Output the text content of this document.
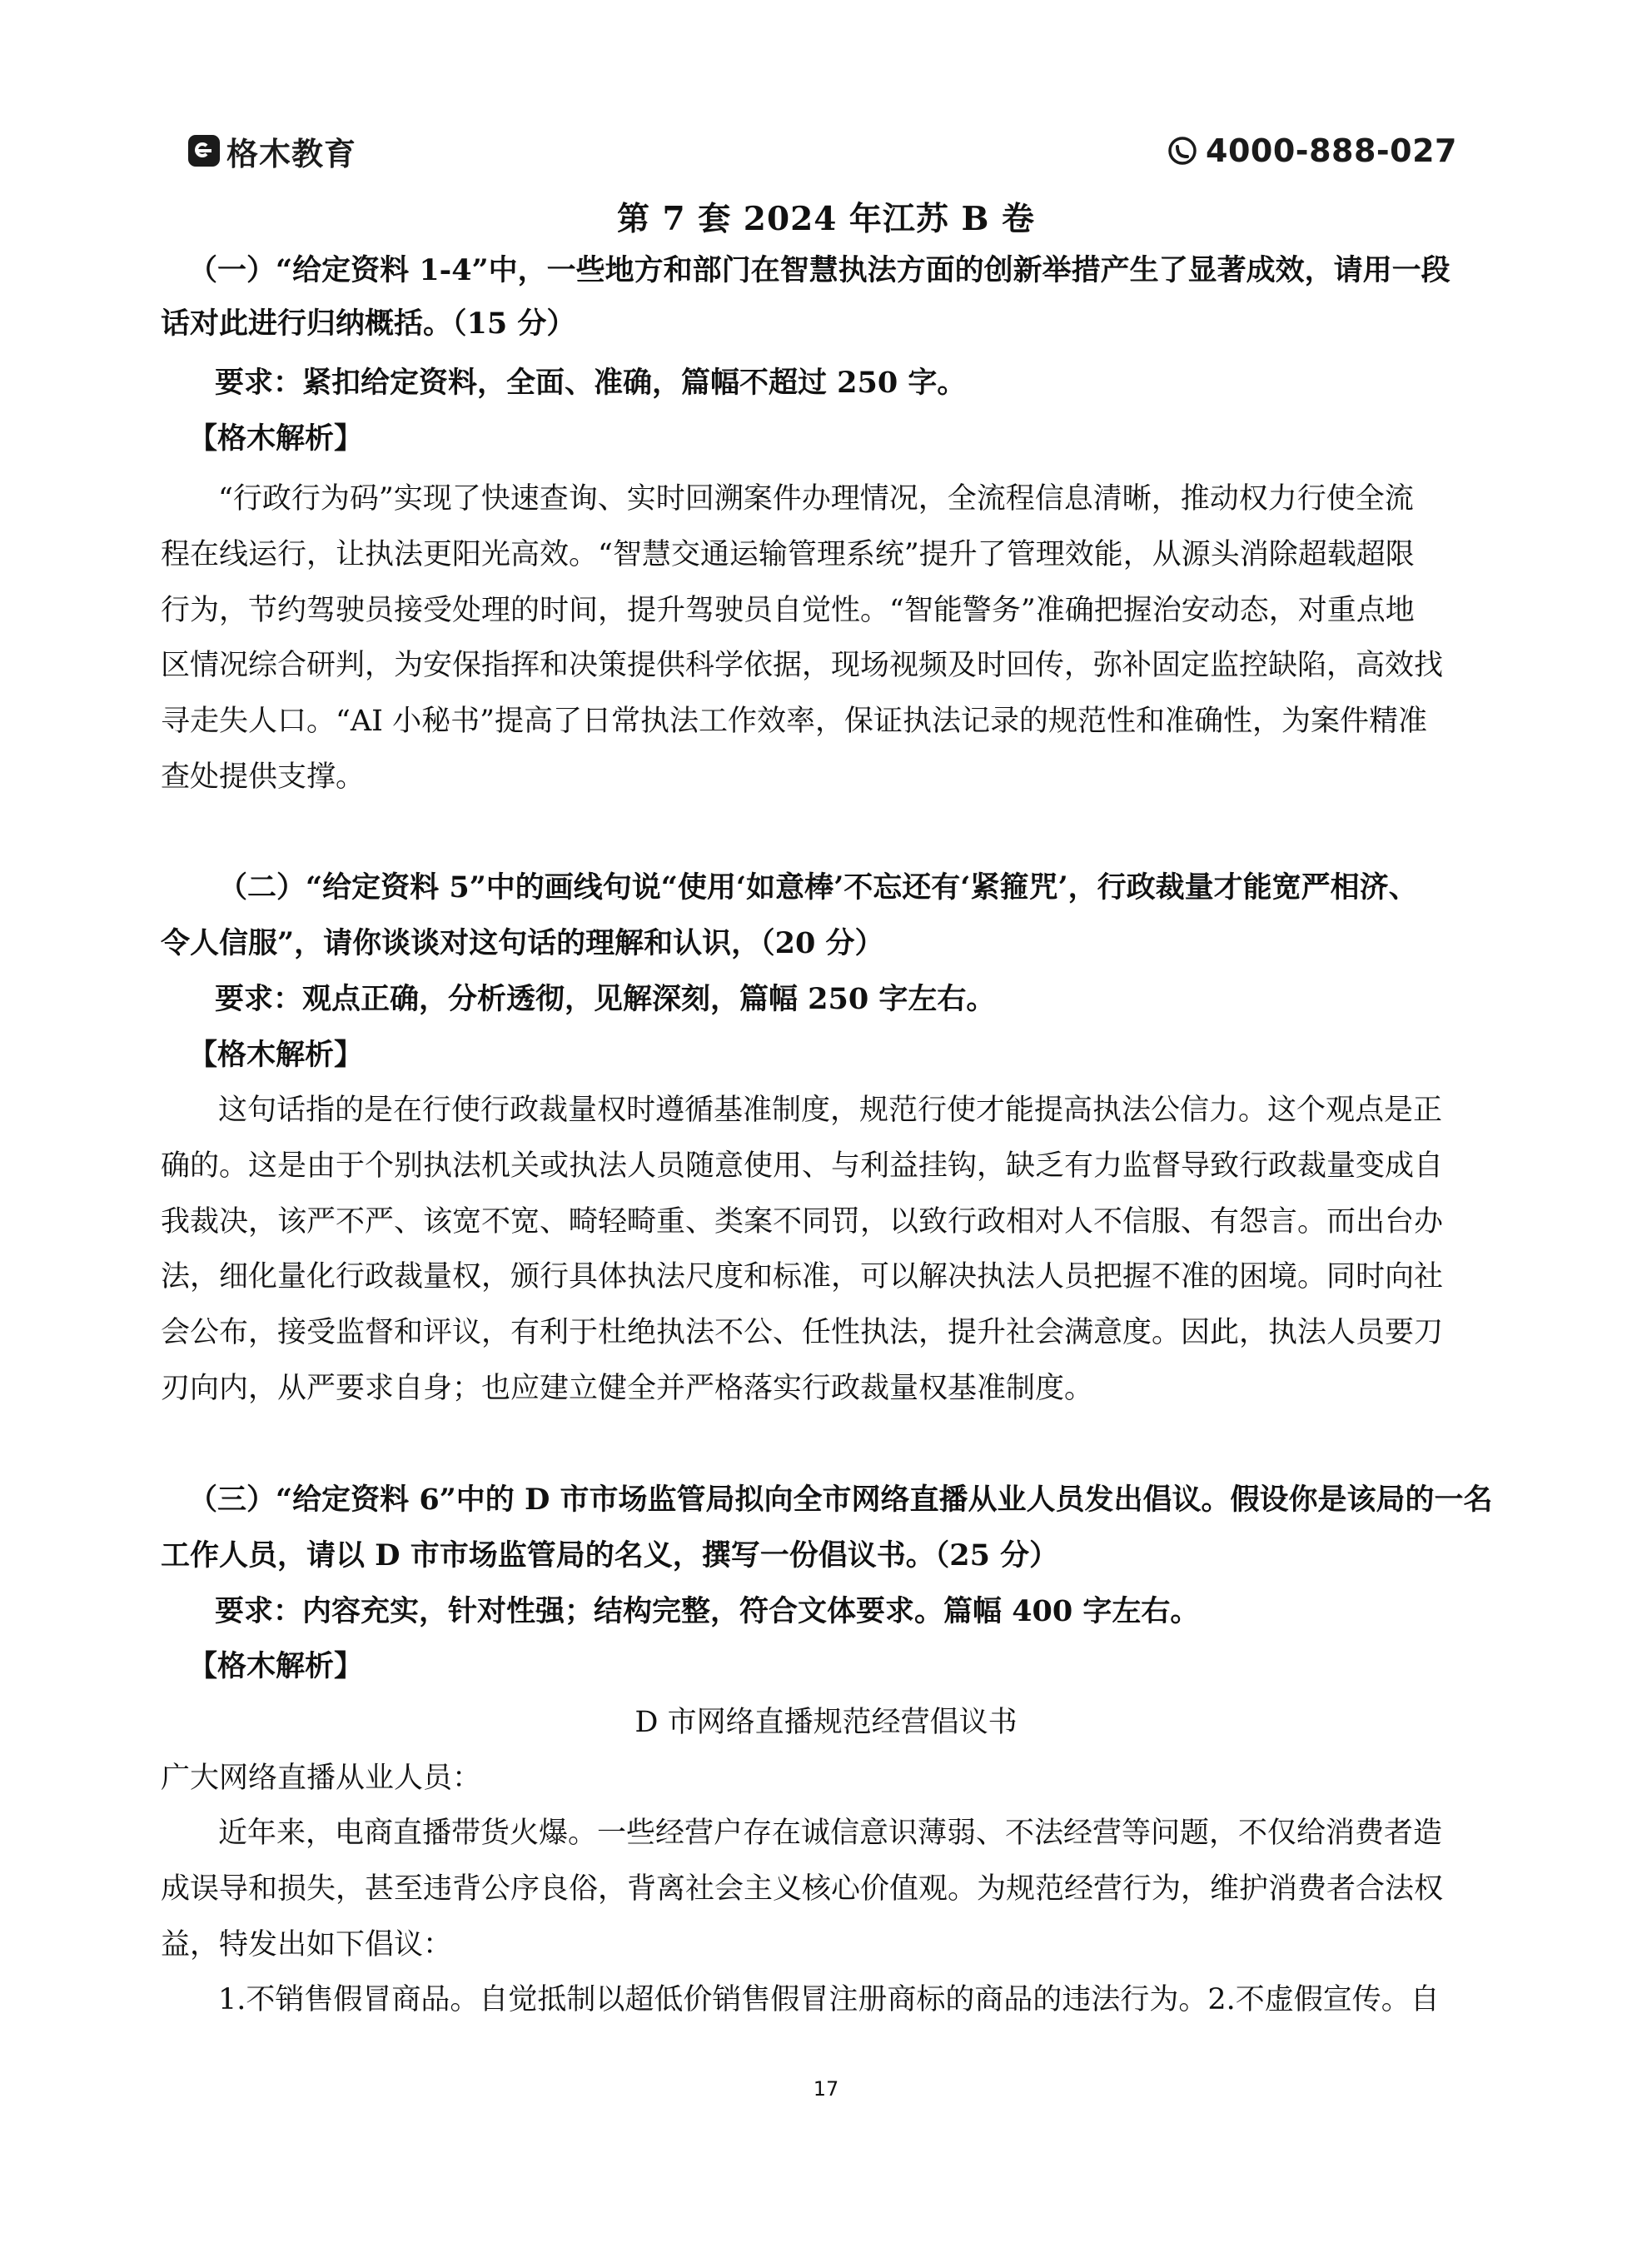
格木教育	4000-888-027
第 7 套 2024 年江苏 B 卷
（一）“给定资料 1-4”中，一些地方和部门在智慧执法方面的创新举措产生了显著成效，请用一段
话对此进行归纳概括。（15 分）
要求：紧扣给定资料，全面、准确，篇幅不超过 250 字。
【格木解析】
“行政行为码”实现了快速查询、实时回溯案件办理情况，全流程信息清晰，推动权力行使全流
程在线运行，让执法更阳光高效。“智慧交通运输管理系统”提升了管理效能，从源头消除超载超限
行为，节约驾驶员接受处理的时间，提升驾驶员自觉性。“智能警务”准确把握治安动态，对重点地
区情况综合研判，为安保指挥和决策提供科学依据，现场视频及时回传，弥补固定监控缺陷，高效找
寻走失人口。“AI 小秘书”提高了日常执法工作效率，保证执法记录的规范性和准确性，为案件精准
查处提供支撑。
（二）“给定资料 5”中的画线句说“使用‘如意棒’不忘还有‘紧箍咒’，行政裁量才能宽严相济、
令人信服”，请你谈谈对这句话的理解和认识，（20 分）
要求：观点正确，分析透彻，见解深刻，篇幅 250 字左右。
【格木解析】
这句话指的是在行使行政裁量权时遵循基准制度，规范行使才能提高执法公信力。这个观点是正
确的。这是由于个别执法机关或执法人员随意使用、与利益挂钩，缺乏有力监督导致行政裁量变成自
我裁决，该严不严、该宽不宽、畸轻畸重、类案不同罚，以致行政相对人不信服、有怨言。而出台办
法，细化量化行政裁量权，颁行具体执法尺度和标准，可以解决执法人员把握不准的困境。同时向社
会公布，接受监督和评议，有利于杜绝执法不公、任性执法，提升社会满意度。因此，执法人员要刀
刃向内，从严要求自身；也应建立健全并严格落实行政裁量权基准制度。
（三）“给定资料 6”中的 D 市市场监管局拟向全市网络直播从业人员发出倡议。假设你是该局的一名
工作人员，请以 D 市市场监管局的名义，撰写一份倡议书。（25 分）
要求：内容充实，针对性强；结构完整，符合文体要求。篇幅 400 字左右。
【格木解析】
D 市网络直播规范经营倡议书
广大网络直播从业人员：
近年来，电商直播带货火爆。一些经营户存在诚信意识薄弱、不法经营等问题，不仅给消费者造
成误导和损失，甚至违背公序良俗，背离社会主义核心价值观。为规范经营行为，维护消费者合法权
益，特发出如下倡议：
1.不销售假冒商品。自觉抵制以超低价销售假冒注册商标的商品的违法行为。2.不虚假宣传。自
17
